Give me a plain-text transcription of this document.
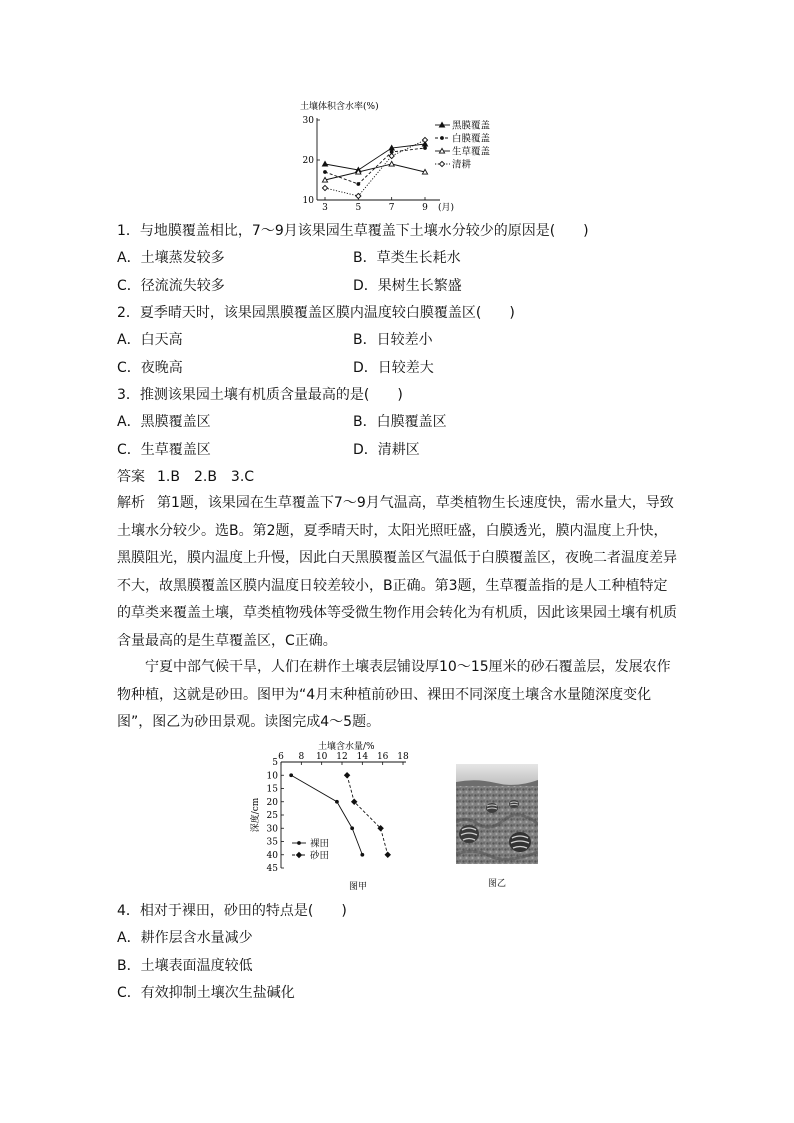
土壤体积含水率(%)
30
20
10
3	5	7	9 (月)
黑膜覆盖
白膜覆盖
生草覆盖
清耕
1．与地膜覆盖相比，7～9月该果园生草覆盖下土壤水分较少的原因是(　　)
A．土壤蒸发较多	B．草类生长耗水
C．径流流失较多	D．果树生长繁盛
2．夏季晴天时，该果园黑膜覆盖区膜内温度较白膜覆盖区(　　)
A．白天高	B．日较差小
C．夜晚高	D．日较差大
3．推测该果园土壤有机质含量最高的是(　　)
A．黑膜覆盖区	B．白膜覆盖区
C．生草覆盖区	D．清耕区
答案 1.B　2.B　3.C

解析 第1题，该果园在生草覆盖下7～9月气温高，草类植物生长速度快，需水量大，导致土壤水分较少。选B。第2题，夏季晴天时，太阳光照旺盛，白膜透光，膜内温度上升快，黑膜阻光，膜内温度上升慢，因此白天黑膜覆盖区气温低于白膜覆盖区，夜晚二者温度差异不大，故黑膜覆盖区膜内温度日较差较小，B正确。第3题，生草覆盖指的是人工种植特定的草类来覆盖土壤，草类植物残体等受微生物作用会转化为有机质，因此该果园土壤有机质含量最高的是生草覆盖区，C正确。

宁夏中部气候干旱，人们在耕作土壤表层铺设厚10～15厘米的砂石覆盖层，发展农作物种植，这就是砂田。图甲为“4月末种植前砂田、裸田不同深度土壤含水量随深度变化图”，图乙为砂田景观。读图完成4～5题。

土壤含水量/%
6 8 10 12 14 16 18
5
10
15
20
25
30
35
40
45
深度/cm
裸田
砂田
图甲	图乙
4．相对于裸田，砂田的特点是(　　)
A．耕作层含水量减少
B．土壤表面温度较低
C．有效抑制土壤次生盐碱化
